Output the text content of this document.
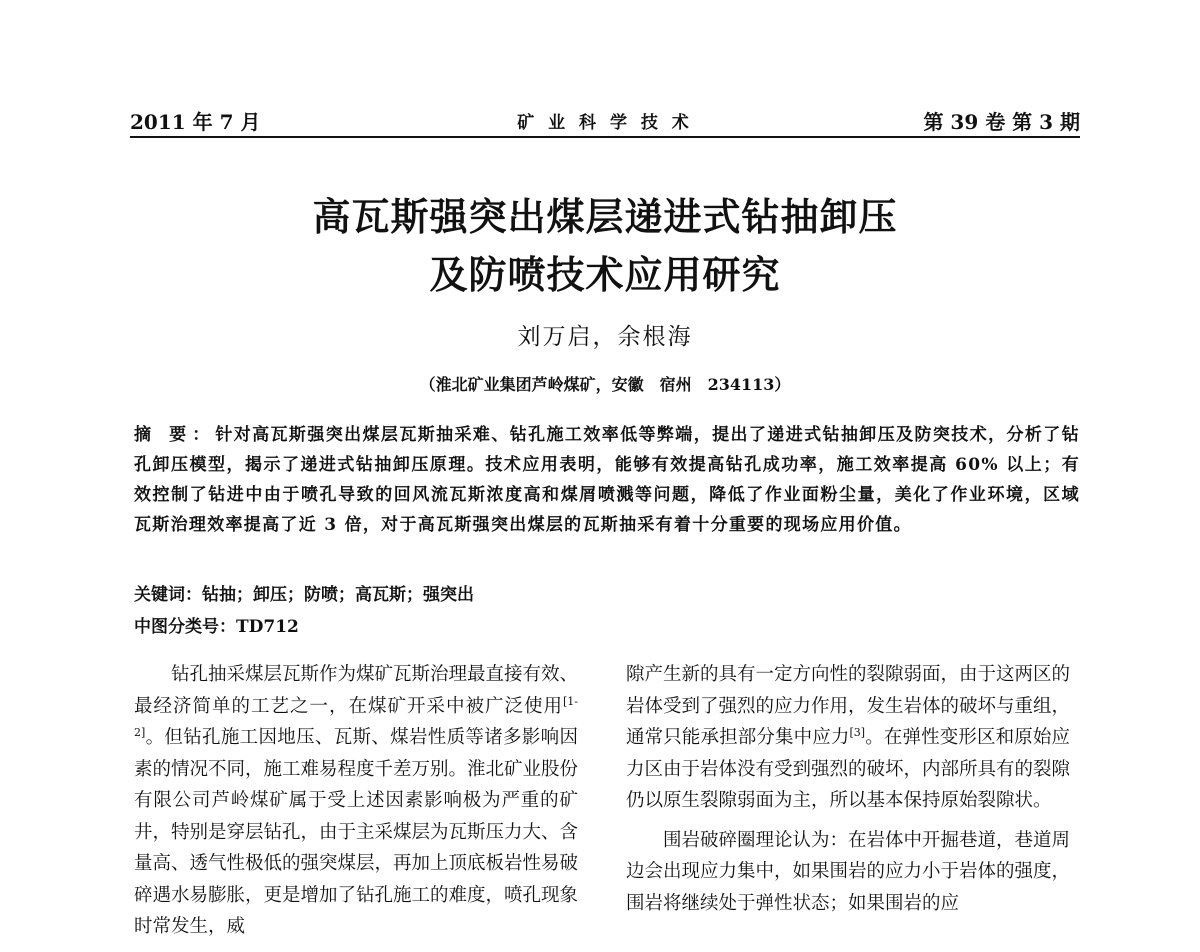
2011 年 7 月	矿 业 科 学 技 术	第 39 卷 第 3 期
高瓦斯强突出煤层递进式钻抽卸压
及防喷技术应用研究
刘万启，余根海
（淮北矿业集团芦岭煤矿，安徽　宿州　234113）
摘 要：针对高瓦斯强突出煤层瓦斯抽采难、钻孔施工效率低等弊端，提出了递进式钻抽卸压及防突技术，分析了钻孔卸压模型，揭示了递进式钻抽卸压原理。技术应用表明，能够有效提高钻孔成功率，施工效率提高 60% 以上；有效控制了钻进中由于喷孔导致的回风流瓦斯浓度高和煤屑喷溅等问题，降低了作业面粉尘量，美化了作业环境，区域瓦斯治理效率提高了近 3 倍，对于高瓦斯强突出煤层的瓦斯抽采有着十分重要的现场应用价值。
关键词：钻抽；卸压；防喷；高瓦斯；强突出
中图分类号：TD712

钻孔抽采煤层瓦斯作为煤矿瓦斯治理最直接有效、最经济简单的工艺之一，在煤矿开采中被广泛使用[1-2]。但钻孔施工因地压、瓦斯、煤岩性质等诸多影响因素的情况不同，施工难易程度千差万别。淮北矿业股份有限公司芦岭煤矿属于受上述因素影响极为严重的矿井，特别是穿层钻孔，由于主采煤层为瓦斯压力大、含量高、透气性极低的强突煤层，再加上顶底板岩性易破碎遇水易膨胀，更是增加了钻孔施工的难度，喷孔现象时常发生，威

隙产生新的具有一定方向性的裂隙弱面，由于这两区的岩体受到了强烈的应力作用，发生岩体的破坏与重组，通常只能承担部分集中应力[3]。在弹性变形区和原始应力区由于岩体没有受到强烈的破坏，内部所具有的裂隙仍以原生裂隙弱面为主，所以基本保持原始裂隙状。

围岩破碎圈理论认为：在岩体中开掘巷道，巷道周边会出现应力集中，如果围岩的应力小于岩体的强度，围岩将继续处于弹性状态；如果围岩的应
